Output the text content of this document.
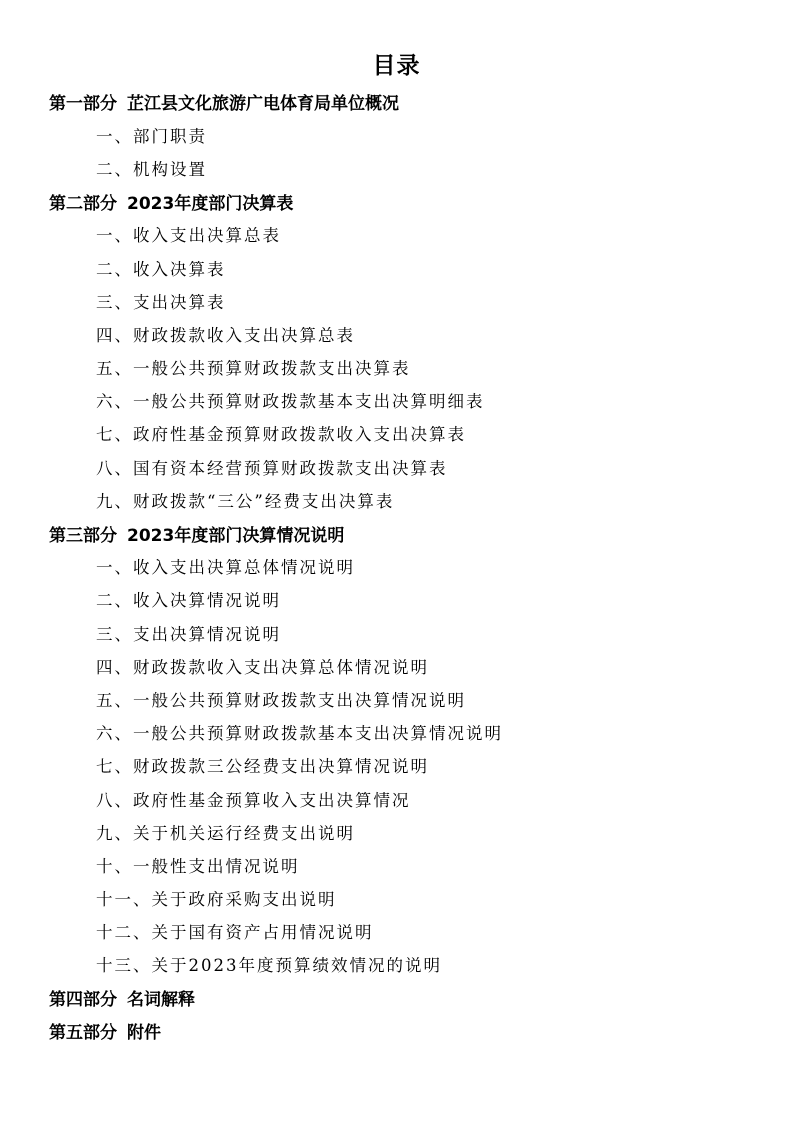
目录
第一部分 芷江县文化旅游广电体育局单位概况
一、部门职责
二、机构设置
第二部分 2023年度部门决算表
一、收入支出决算总表
二、收入决算表
三、支出决算表
四、财政拨款收入支出决算总表
五、一般公共预算财政拨款支出决算表
六、一般公共预算财政拨款基本支出决算明细表
七、政府性基金预算财政拨款收入支出决算表
八、国有资本经营预算财政拨款支出决算表
九、财政拨款“三公”经费支出决算表
第三部分 2023年度部门决算情况说明
一、收入支出决算总体情况说明
二、收入决算情况说明
三、支出决算情况说明
四、财政拨款收入支出决算总体情况说明
五、一般公共预算财政拨款支出决算情况说明
六、一般公共预算财政拨款基本支出决算情况说明
七、财政拨款三公经费支出决算情况说明
八、政府性基金预算收入支出决算情况
九、关于机关运行经费支出说明
十、一般性支出情况说明
十一、关于政府采购支出说明
十二、关于国有资产占用情况说明
十三、关于2023年度预算绩效情况的说明
第四部分 名词解释
第五部分 附件
